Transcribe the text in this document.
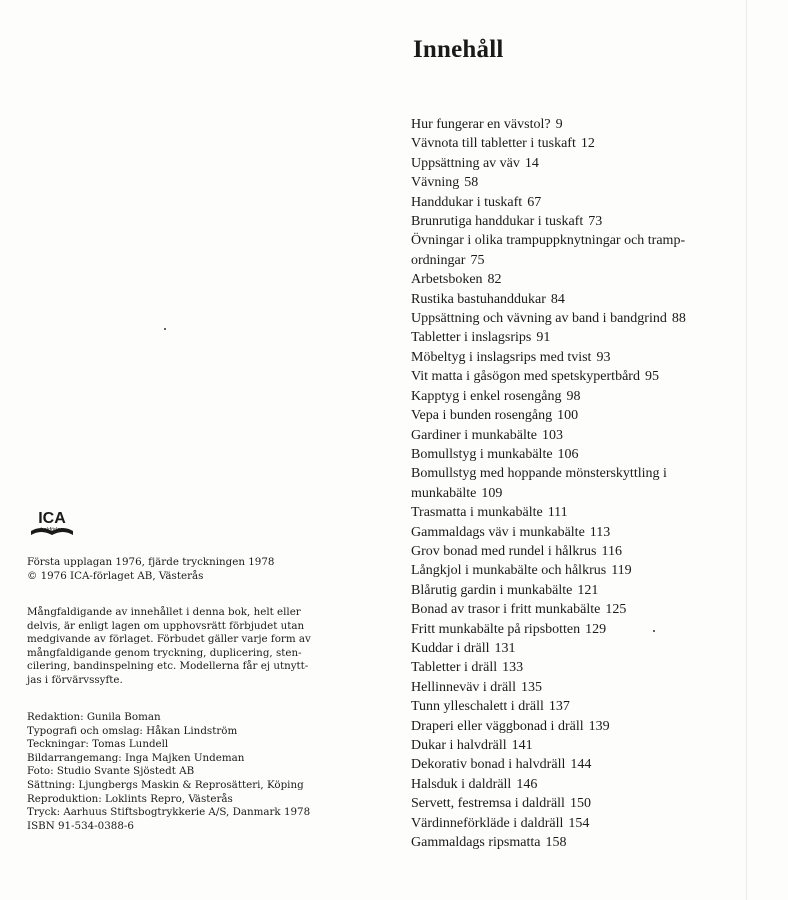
ICA
bokförlag
Första upplagan 1976, fjärde tryckningen 1978
© 1976 ICA-förlaget AB, Västerås
Mångfaldigande av innehållet i denna bok, helt eller
delvis, är enligt lagen om upphovsrätt förbjudet utan
medgivande av förlaget. Förbudet gäller varje form av
mångfaldigande genom tryckning, duplicering, sten-
cilering, bandinspelning etc. Modellerna får ej utnytt-
jas i förvärvssyfte.
Redaktion: Gunila Boman
Typografi och omslag: Håkan Lindström
Teckningar: Tomas Lundell
Bildarrangemang: Inga Majken Undeman
Foto: Studio Svante Sjöstedt AB
Sättning: Ljungbergs Maskin & Reprosätteri, Köping
Reproduktion: Loklints Repro, Västerås
Tryck: Aarhuus Stiftsbogtrykkerie A/S, Danmark 1978
ISBN 91-534-0388-6
Innehåll
Hur fungerar en vävstol? 9
Vävnota till tabletter i tuskaft 12
Uppsättning av väv 14
Vävning 58
Handdukar i tuskaft 67
Brunrutiga handdukar i tuskaft 73
Övningar i olika trampuppknytningar och tramp-
ordningar 75
Arbetsboken 82
Rustika bastuhanddukar 84
Uppsättning och vävning av band i bandgrind 88
Tabletter i inslagsrips 91
Möbeltyg i inslagsrips med tvist 93
Vit matta i gåsögon med spetskypertbård 95
Kapptyg i enkel rosengång 98
Vepa i bunden rosengång 100
Gardiner i munkabälte 103
Bomullstyg i munkabälte 106
Bomullstyg med hoppande mönsterskyttling i
munkabälte 109
Trasmatta i munkabälte 111
Gammaldags väv i munkabälte 113
Grov bonad med rundel i hålkrus 116
Långkjol i munkabälte och hålkrus 119
Blårutig gardin i munkabälte 121
Bonad av trasor i fritt munkabälte 125
Fritt munkabälte på ripsbotten 129
Kuddar i dräll 131
Tabletter i dräll 133
Hellinneväv i dräll 135
Tunn ylleschalett i dräll 137
Draperi eller väggbonad i dräll 139
Dukar i halvdräll 141
Dekorativ bonad i halvdräll 144
Halsduk i daldräll 146
Servett, festremsa i daldräll 150
Värdinneförkläde i daldräll 154
Gammaldags ripsmatta 158
